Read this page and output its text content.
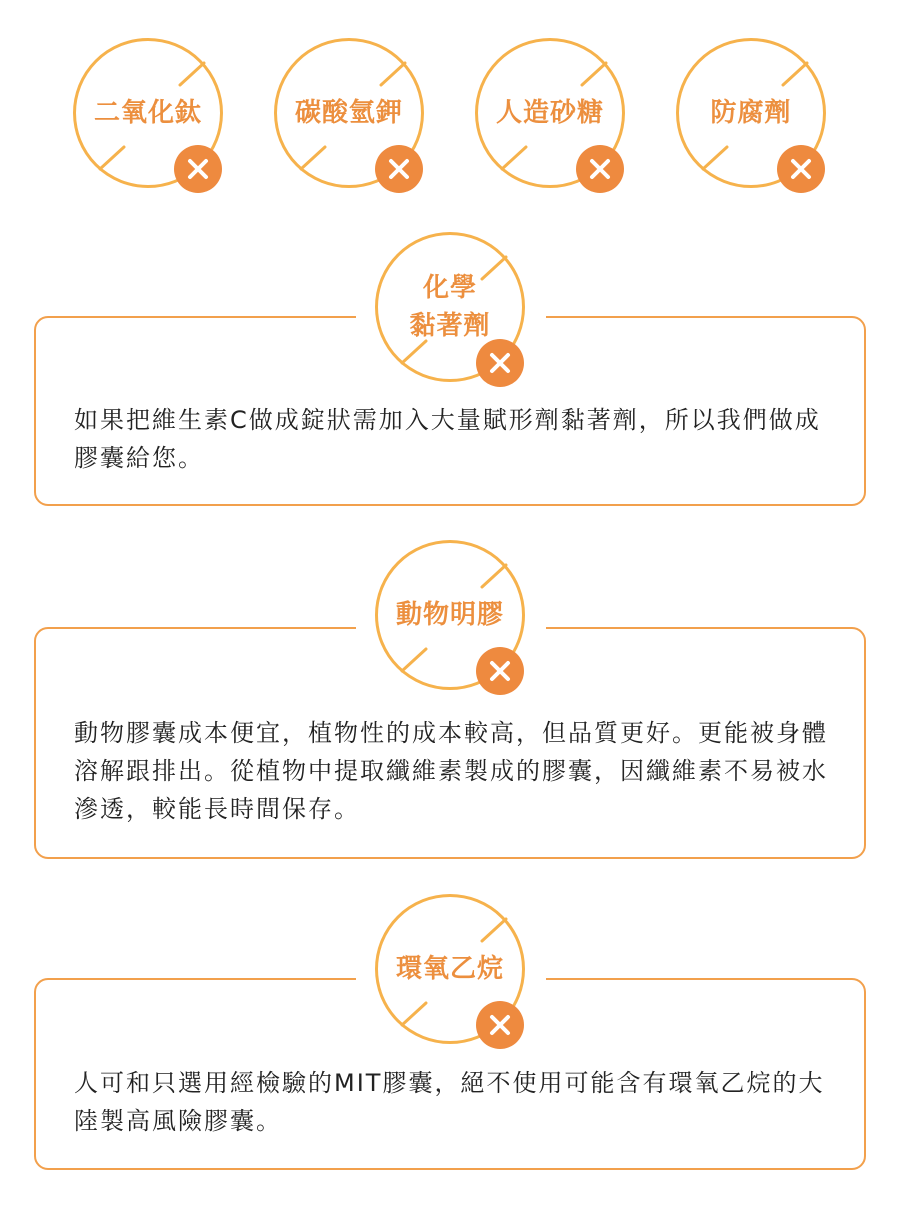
二氧化鈦	碳酸氫鉀	人造砂糖	防腐劑
化學
黏著劑
如果把維生素C做成錠狀需加入大量賦形劑黏著劑，所以我們做成膠囊給您。
動物明膠
動物膠囊成本便宜，植物性的成本較高，但品質更好。更能被身體溶解跟排出。從植物中提取纖維素製成的膠囊，因纖維素不易被水滲透，較能長時間保存。
環氧乙烷
人可和只選用經檢驗的MIT膠囊，絕不使用可能含有環氧乙烷的大陸製高風險膠囊。
